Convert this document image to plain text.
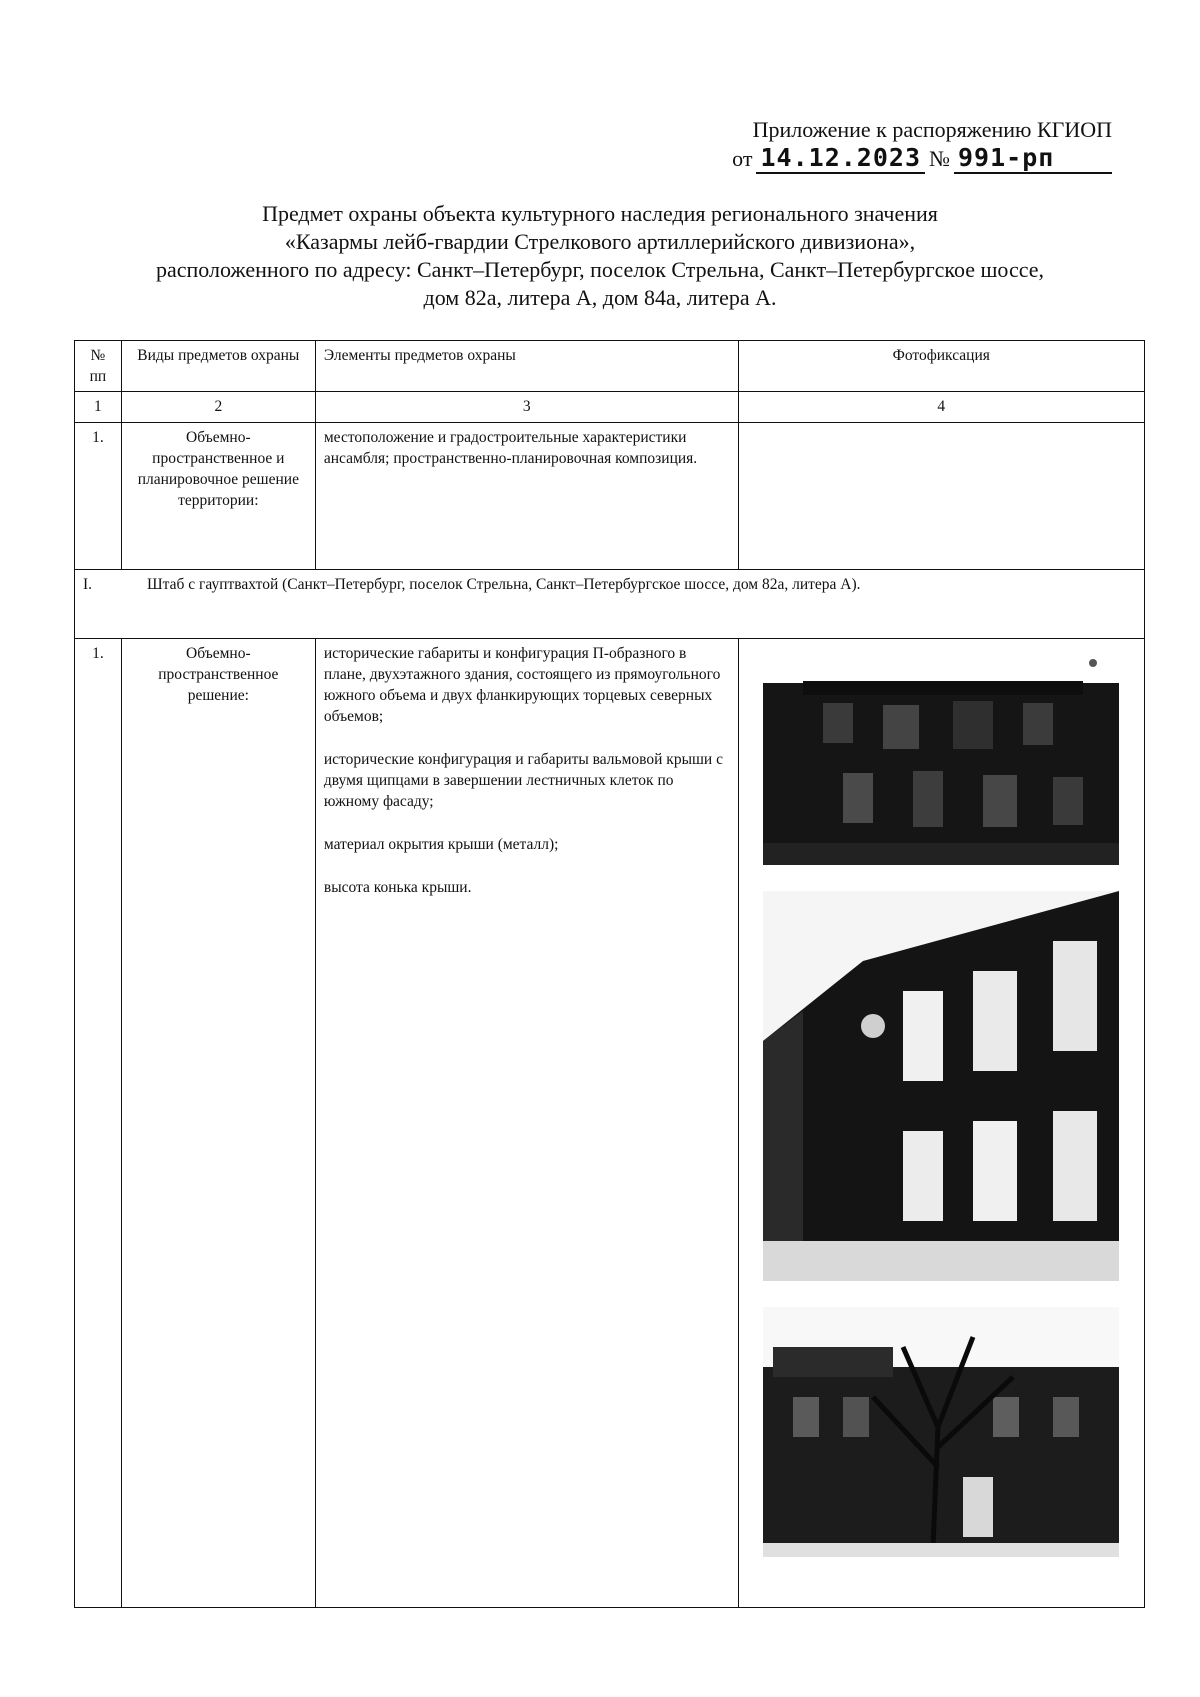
Приложение к распоряжению КГИОП
от 14.12.2023 № 991-рп
Предмет охраны объекта культурного наследия регионального значения
«Казармы лейб-гвардии Стрелкового артиллерийского дивизиона»,
расположенного по адресу: Санкт–Петербург, поселок Стрельна, Санкт–Петербургское шоссе,
дом 82а, литера А, дом 84а, литера А.
№ пп	Виды предметов охраны	Элементы предметов охраны	Фотофиксация
1	2	3	4
1.	Объемно-пространственное и планировочное решение территории:	местоположение и градостроительные характеристики ансамбля; пространственно-планировочная композиция.	
I. Штаб с гауптвахтой (Санкт–Петербург, поселок Стрельна, Санкт–Петербургское шоссе, дом 82а, литера А).			
1.	Объемно-пространственное решение:	исторические габариты и конфигурация П-образного в плане, двухэтажного здания, состоящего из прямоугольного южного объема и двух фланкирующих торцевых северных объемов;

исторические конфигурация и габариты вальмовой крыши с двумя щипцами в завершении лестничных клеток по южному фасаду;

материал окрытия крыши (металл);

высота конька крыши.
